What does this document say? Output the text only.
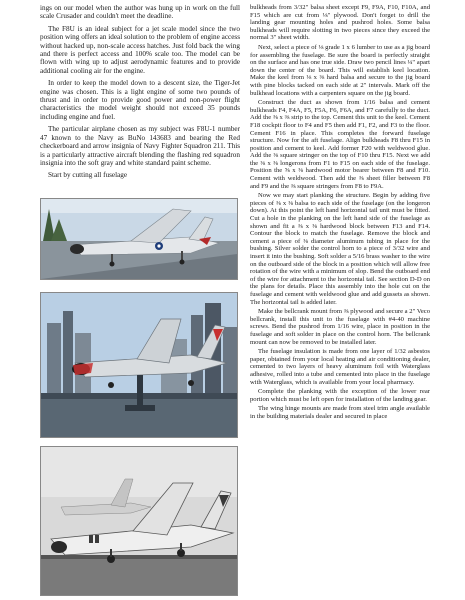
ings on our model when the author was hung up in work on the full scale Crusader and couldn't meet the deadline.

The F8U is an ideal subject for a jet scale model since the two position wing offers an ideal solution to the problem of engine access without hacked up, non-scale access hatches. Just fold back the wing and there is perfect access and 100% scale too. The model can be flown with wing up to adjust aerodynamic features and to provide additional cooling air for the engine.

In order to keep the model down to a descent size, the Tiger-Jet engine was chosen. This is a light engine of some two pounds of thrust and in order to provide good power and non-power flight characteristics the model weight should not exceed 35 pounds including engine and fuel.

The particular airplane chosen as my subject was F8U-1 number 47 known to the Navy as BuNo 143683 and bearing the Red checkerboard and arrow insignia of Navy Fighter Squadron 211. This is a particularly attractive aircraft blending the flashing red squadron insignia into the soft gray and white standard paint scheme.

Start by cutting all fuselage

bulkheads from 3/32" balsa sheet except F9, F9A, F10, F10A, and F15 which are cut from ⅛" plywood. Don't forget to drill the landing gear mounting holes and pushrod holes. Some balsa bulkheads will require slotting in two pieces since they exceed the normal 3" sheet width.

Next, select a piece of ⅛ grade 1 x 6 lumber to use as a jig board for assembling the fuselage. Be sure the board is perfectly straight on the surface and has one true side. Draw two pencil lines ¼" apart down the center of the board. This will establish keel location. Make the keel from ⅛ x ⅜ hard balsa and secure to the jig board with pine blocks tacked on each side at 2" intervals. Mark off the bulkhead locations with a carpenters square on the jig board.

Construct the duct as shown from 1/16 balsa and cement bulkheads F4, F4A, F5, F5A, F6, F6A, and F7 carefully to the duct. Add the ⅜ x ⅜ strip to the top. Cement this unit to the keel. Cement F18 cockpit floor to F4 and F5 then add F1, F2, and F3 to the floor. Cement F16 in place. This completes the forward fuselage structure. Now for the aft fuselage. Align bulkheads F8 thru F15 in position and cement to keel. Add former F20 with weldwood glue. Add the ⅜ square stringer on the top of F10 thru F15. Next we add the ⅜ x ⅜ longerons from F1 to F15 on each side of the fuselage. Position the ⅝ x ⅜ hardwood motor bearer between F8 and F10. Cement with weldwood. Then add the ⅜ sheet filler between F8 and F9 and the ⅜ square stringers from F8 to F9A.

Now we may start planking the structure. Begin by adding five pieces of ⅜ x ⅜ balsa to each side of the fuselage (on the longeron down). At this point the left hand horizontal tail unit must be fitted. Cut a hole in the planking on the left hand side of the fuselage as shown and fit a ⅜ x ⅜ hardwood block between F13 and F14. Contour the block to match the fuselage. Remove the block and cement a piece of ⅜ diameter aluminum tubing in place for the bushing. Silver solder the control horn to a piece of 3/32 wire and insert it into the bushing. Soft solder a 5/16 brass washer to the wire on the outboard side of the block in a position which will allow free rotation of the wire with a minimum of slop. Bend the outboard end of the wire for attachment to the horizontal tail. See section D-D on the plans for details. Place this assembly into the hole cut on the fuselage and cement with weldwood glue and add gussets as shown. The horizontal tail is added later.

Make the bellcrank mount from ⅜ plywood and secure a 2" Veco bellcrank, install this unit to the fuselage with #4-40 machine screws. Bend the pushrod from 1/16 wire, place in position in the fuselage and soft solder in place on the control horn. The bellcrank mount can now be removed to be installed later.

The fuselage insulation is made from one layer of 1/32 asbestos paper, obtained from your local heating and air conditioning dealer, cemented to two layers of heavy aluminum foil with Waterglass adhesive, rolled into a tube and cemented into place in the fuselage with Waterglass, which is available from your local pharmacy.

Complete the planking with the exception of the lower rear portion which must be left open for installation of the landing gear.

The wing hinge mounts are made from steel trim angle available in the building materials dealer and secured in place
